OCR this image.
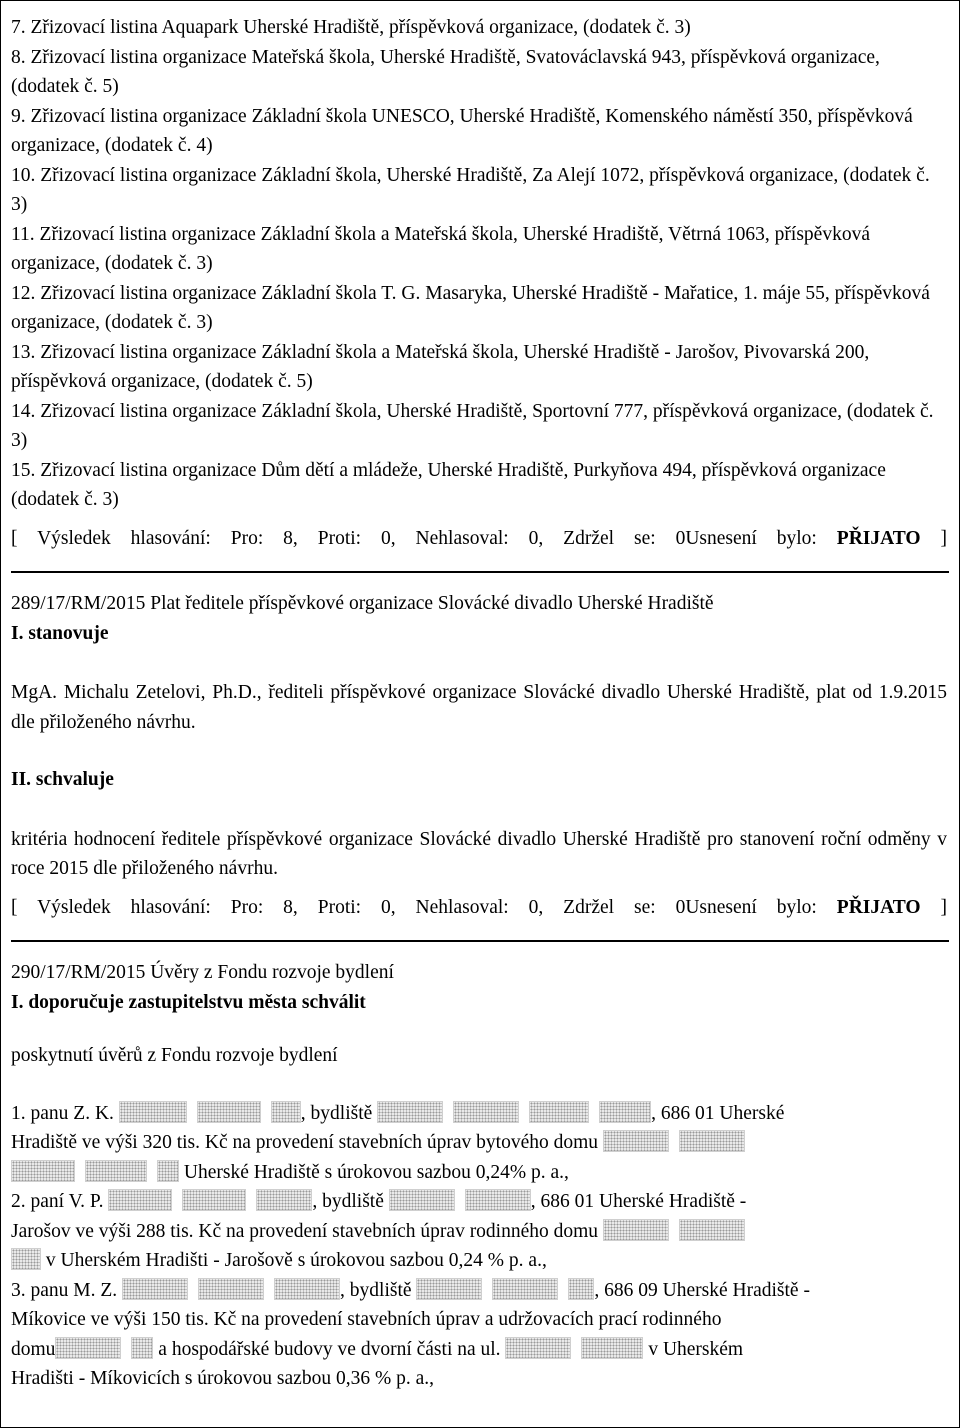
7. Zřizovací listina Aquapark Uherské Hradiště, příspěvková organizace, (dodatek č. 3)

8. Zřizovací listina organizace Mateřská škola, Uherské Hradiště, Svatováclavská 943, příspěvková organizace, (dodatek č. 5)

9. Zřizovací listina organizace Základní škola UNESCO, Uherské Hradiště, Komenského náměstí 350, příspěvková organizace, (dodatek č. 4)

10. Zřizovací listina organizace Základní škola, Uherské Hradiště, Za Alejí 1072, příspěvková organizace, (dodatek č. 3)

11. Zřizovací listina organizace Základní škola a Mateřská škola, Uherské Hradiště, Větrná 1063, příspěvková organizace, (dodatek č. 3)

12. Zřizovací listina organizace Základní škola T. G. Masaryka, Uherské Hradiště - Mařatice, 1. máje 55, příspěvková organizace, (dodatek č. 3)

13. Zřizovací listina organizace Základní škola a Mateřská škola, Uherské Hradiště - Jarošov, Pivovarská 200, příspěvková organizace, (dodatek č. 5)

14. Zřizovací listina organizace Základní škola, Uherské Hradiště, Sportovní 777, příspěvková organizace, (dodatek č. 3)

15. Zřizovací listina organizace Dům dětí a mládeže, Uherské Hradiště, Purkyňova 494, příspěvková organizace (dodatek č. 3)

[ Výsledek hlasování: Pro: 8, Proti: 0, Nehlasoval: 0, Zdržel se: 0Usnesení bylo: PŘIJATO ]

289/17/RM/2015 Plat ředitele příspěvkové organizace Slovácké divadlo Uherské Hradiště

I. stanovuje

MgA. Michalu Zetelovi, Ph.D., řediteli příspěvkové organizace Slovácké divadlo Uherské Hradiště, plat od 1.9.2015 dle přiloženého návrhu.

II. schvaluje

kritéria hodnocení ředitele příspěvkové organizace Slovácké divadlo Uherské Hradiště pro stanovení roční odměny v roce 2015 dle přiloženého návrhu.

[ Výsledek hlasování: Pro: 8, Proti: 0, Nehlasoval: 0, Zdržel se: 0Usnesení bylo: PŘIJATO ]

290/17/RM/2015 Úvěry z Fondu rozvoje bydlení

I. doporučuje zastupitelstvu města schválit

poskytnutí úvěrů z Fondu rozvoje bydlení

1. panu Z. K.	, bydliště	, 686 01 Uherské

Hradiště ve výši 320 tis. Kč na provedení stavebních úprav bytového domu

Uherské Hradiště s úrokovou sazbou 0,24% p. a.,

2. paní V. P.	, bydliště	, 686 01 Uherské Hradiště -

Jarošov ve výši 288 tis. Kč na provedení stavebních úprav rodinného domu

v Uherském Hradišti - Jarošově s úrokovou sazbou 0,24 % p. a.,

3. panu M. Z.	, bydliště	, 686 09 Uherské Hradiště -

Míkovice ve výši 150 tis. Kč na provedení stavebních úprav a udržovacích prací rodinného

domu	a hospodářské budovy ve dvorní části na ul.	v Uherském

Hradišti - Míkovicích s úrokovou sazbou 0,36 % p. a.,
